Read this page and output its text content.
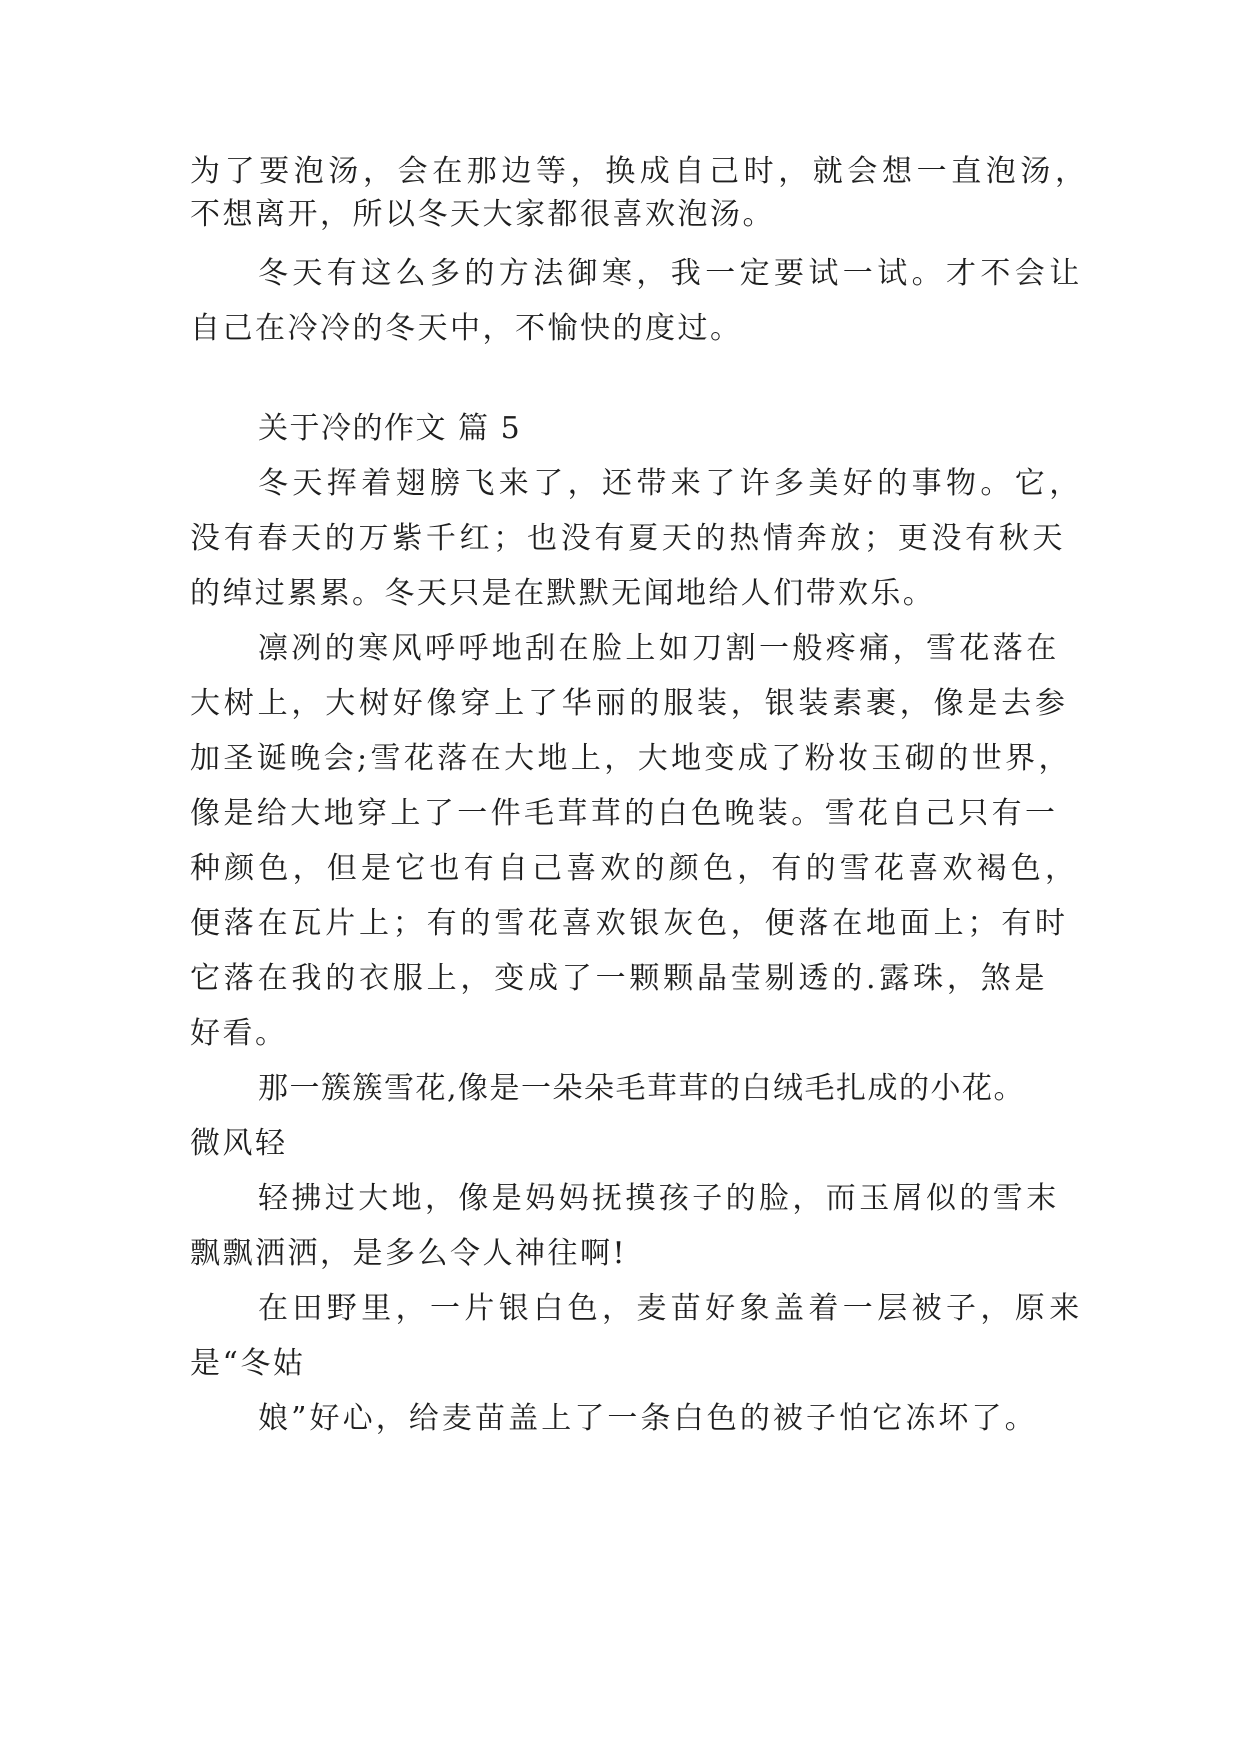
为了要泡汤，会在那边等，换成自己时，就会想一直泡汤，

不想离开，所以冬天大家都很喜欢泡汤。

冬天有这么多的方法御寒，我一定要试一试。才不会让

自己在冷冷的冬天中，不愉快的度过。

关于冷的作文 篇 5

冬天挥着翅膀飞来了，还带来了许多美好的事物。它，

没有春天的万紫千红；也没有夏天的热情奔放；更没有秋天

的绰过累累。冬天只是在默默无闻地给人们带欢乐。

凛冽的寒风呼呼地刮在脸上如刀割一般疼痛，雪花落在

大树上，大树好像穿上了华丽的服装，银装素裹，像是去参

加圣诞晚会;雪花落在大地上，大地变成了粉妆玉砌的世界，

像是给大地穿上了一件毛茸茸的白色晚装。雪花自己只有一

种颜色，但是它也有自己喜欢的颜色，有的雪花喜欢褐色，

便落在瓦片上；有的雪花喜欢银灰色，便落在地面上；有时

它落在我的衣服上，变成了一颗颗晶莹剔透的.露珠，煞是

好看。

那一簇簇雪花,像是一朵朵毛茸茸的白绒毛扎成的小花。

微风轻

轻拂过大地，像是妈妈抚摸孩子的脸，而玉屑似的雪末

飘飘洒洒，是多么令人神往啊!

在田野里，一片银白色，麦苗好象盖着一层被子，原来

是“冬姑

娘”好心，给麦苗盖上了一条白色的被子怕它冻坏了。
